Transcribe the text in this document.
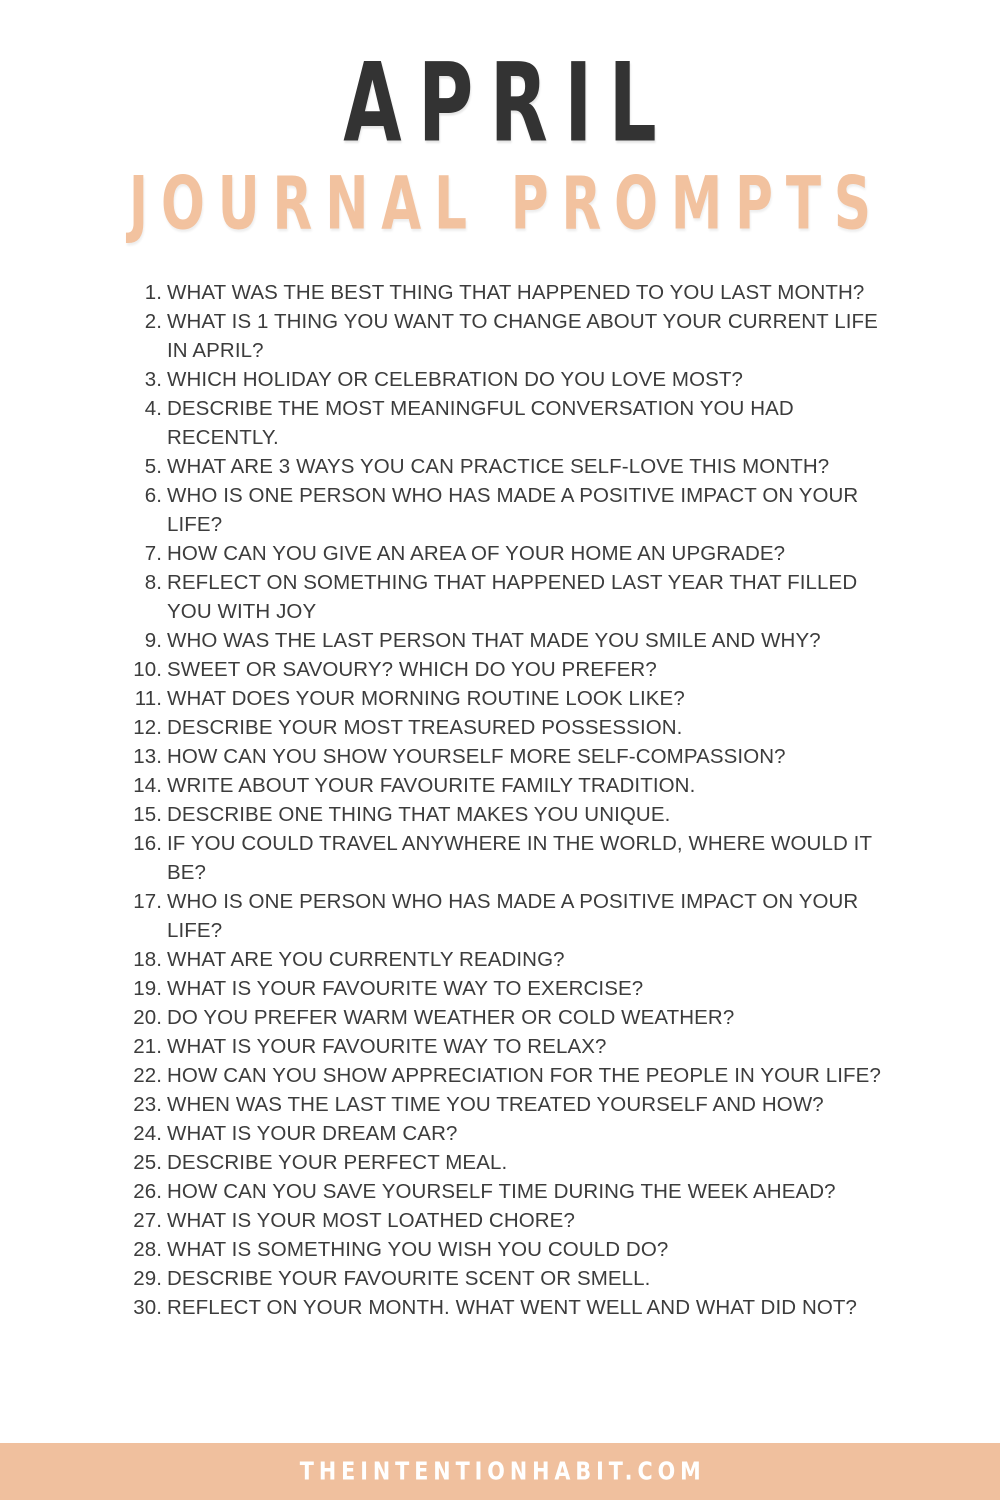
APRIL
JOURNAL PROMPTS
1. WHAT WAS THE BEST THING THAT HAPPENED TO YOU LAST MONTH?
2. WHAT IS 1 THING YOU WANT TO CHANGE ABOUT YOUR CURRENT LIFE IN APRIL?
3. WHICH HOLIDAY OR CELEBRATION DO YOU LOVE MOST?
4. DESCRIBE THE MOST MEANINGFUL CONVERSATION YOU HAD RECENTLY.
5. WHAT ARE 3 WAYS YOU CAN PRACTICE SELF-LOVE THIS MONTH?
6. WHO IS ONE PERSON WHO HAS MADE A POSITIVE IMPACT ON YOUR LIFE?
7. HOW CAN YOU GIVE AN AREA OF YOUR HOME AN UPGRADE?
8. REFLECT ON SOMETHING THAT HAPPENED LAST YEAR THAT FILLED YOU WITH JOY
9. WHO WAS THE LAST PERSON THAT MADE YOU SMILE AND WHY?
10. SWEET OR SAVOURY? WHICH DO YOU PREFER?
11. WHAT DOES YOUR MORNING ROUTINE LOOK LIKE?
12. DESCRIBE YOUR MOST TREASURED POSSESSION.
13. HOW CAN YOU SHOW YOURSELF MORE SELF-COMPASSION?
14. WRITE ABOUT YOUR FAVOURITE FAMILY TRADITION.
15. DESCRIBE ONE THING THAT MAKES YOU UNIQUE.
16. IF YOU COULD TRAVEL ANYWHERE IN THE WORLD, WHERE WOULD IT BE?
17. WHO IS ONE PERSON WHO HAS MADE A POSITIVE IMPACT ON YOUR LIFE?
18. WHAT ARE YOU CURRENTLY READING?
19. WHAT IS YOUR FAVOURITE WAY TO EXERCISE?
20. DO YOU PREFER WARM WEATHER OR COLD WEATHER?
21. WHAT IS YOUR FAVOURITE WAY TO RELAX?
22. HOW CAN YOU SHOW APPRECIATION FOR THE PEOPLE IN YOUR LIFE?
23. WHEN WAS THE LAST TIME YOU TREATED YOURSELF AND HOW?
24. WHAT IS YOUR DREAM CAR?
25. DESCRIBE YOUR PERFECT MEAL.
26. HOW CAN YOU SAVE YOURSELF TIME DURING THE WEEK AHEAD?
27. WHAT IS YOUR MOST LOATHED CHORE?
28. WHAT IS SOMETHING YOU WISH YOU COULD DO?
29. DESCRIBE YOUR FAVOURITE SCENT OR SMELL.
30. REFLECT ON YOUR MONTH. WHAT WENT WELL AND WHAT DID NOT?
THEINTENTIONHABIT.COM
